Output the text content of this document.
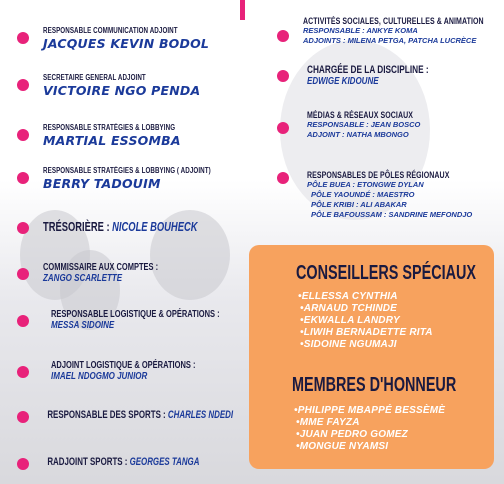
RESPONSABLE COMMUNICATION ADJOINT
JACQUES KEVIN BODOL
SECRETAIRE GENERAL ADJOINT
VICTOIRE NGO PENDA
RESPONSABLE STRATÉGIES & LOBBYING
MARTIAL ESSOMBA
RESPONSABLE STRATÉGIES & LOBBYING ( ADJOINT)
BERRY TADOUIM
TRÉSORIÈRE : NICOLE BOUHECK
COMMISSAIRE AUX COMPTES :
ZANGO SCARLETTE
RESPONSABLE LOGISTIQUE & OPÉRATIONS :
MESSA SIDOINE
ADJOINT LOGISTIQUE & OPÉRATIONS :
IMAEL NDOGMO JUNIOR
RESPONSABLE DES SPORTS : CHARLES NDEDI
RADJOINT SPORTS : GEORGES TANGA
ACTIVITÉS SOCIALES, CULTURELLES & ANIMATION
RESPONSABLE : ANKYE KOMA
ADJOINTS : MILENA PETGA, PATCHA LUCRÈCE
CHARGÉE DE LA DISCIPLINE :
EDWIGE KIDOUNE
MÉDIAS & RÉSEAUX SOCIAUX
RESPONSABLE : JEAN BOSCO
ADJOINT : NATHA MBONGO
RESPONSABLES DE PÔLES RÉGIONAUX
PÔLE BUEA : ETONGWE DYLAN
PÔLE YAOUNDÉ : MAESTRO
PÔLE KRIBI : ALI ABAKAR
PÔLE BAFOUSSAM : SANDRINE MEFONDJO
CONSEILLERS SPÉCIAUX
•ELLESSA CYNTHIA
•ARNAUD TCHINDE
•EKWALLA LANDRY
•LIWIH BERNADETTE RITA
•SIDOINE NGUMAJI
MEMBRES D'HONNEUR
•PHILIPPE MBAPPÉ BESSÈMÈ
•MME FAYZA
•JUAN PEDRO GOMEZ
•MONGUE NYAMSI
